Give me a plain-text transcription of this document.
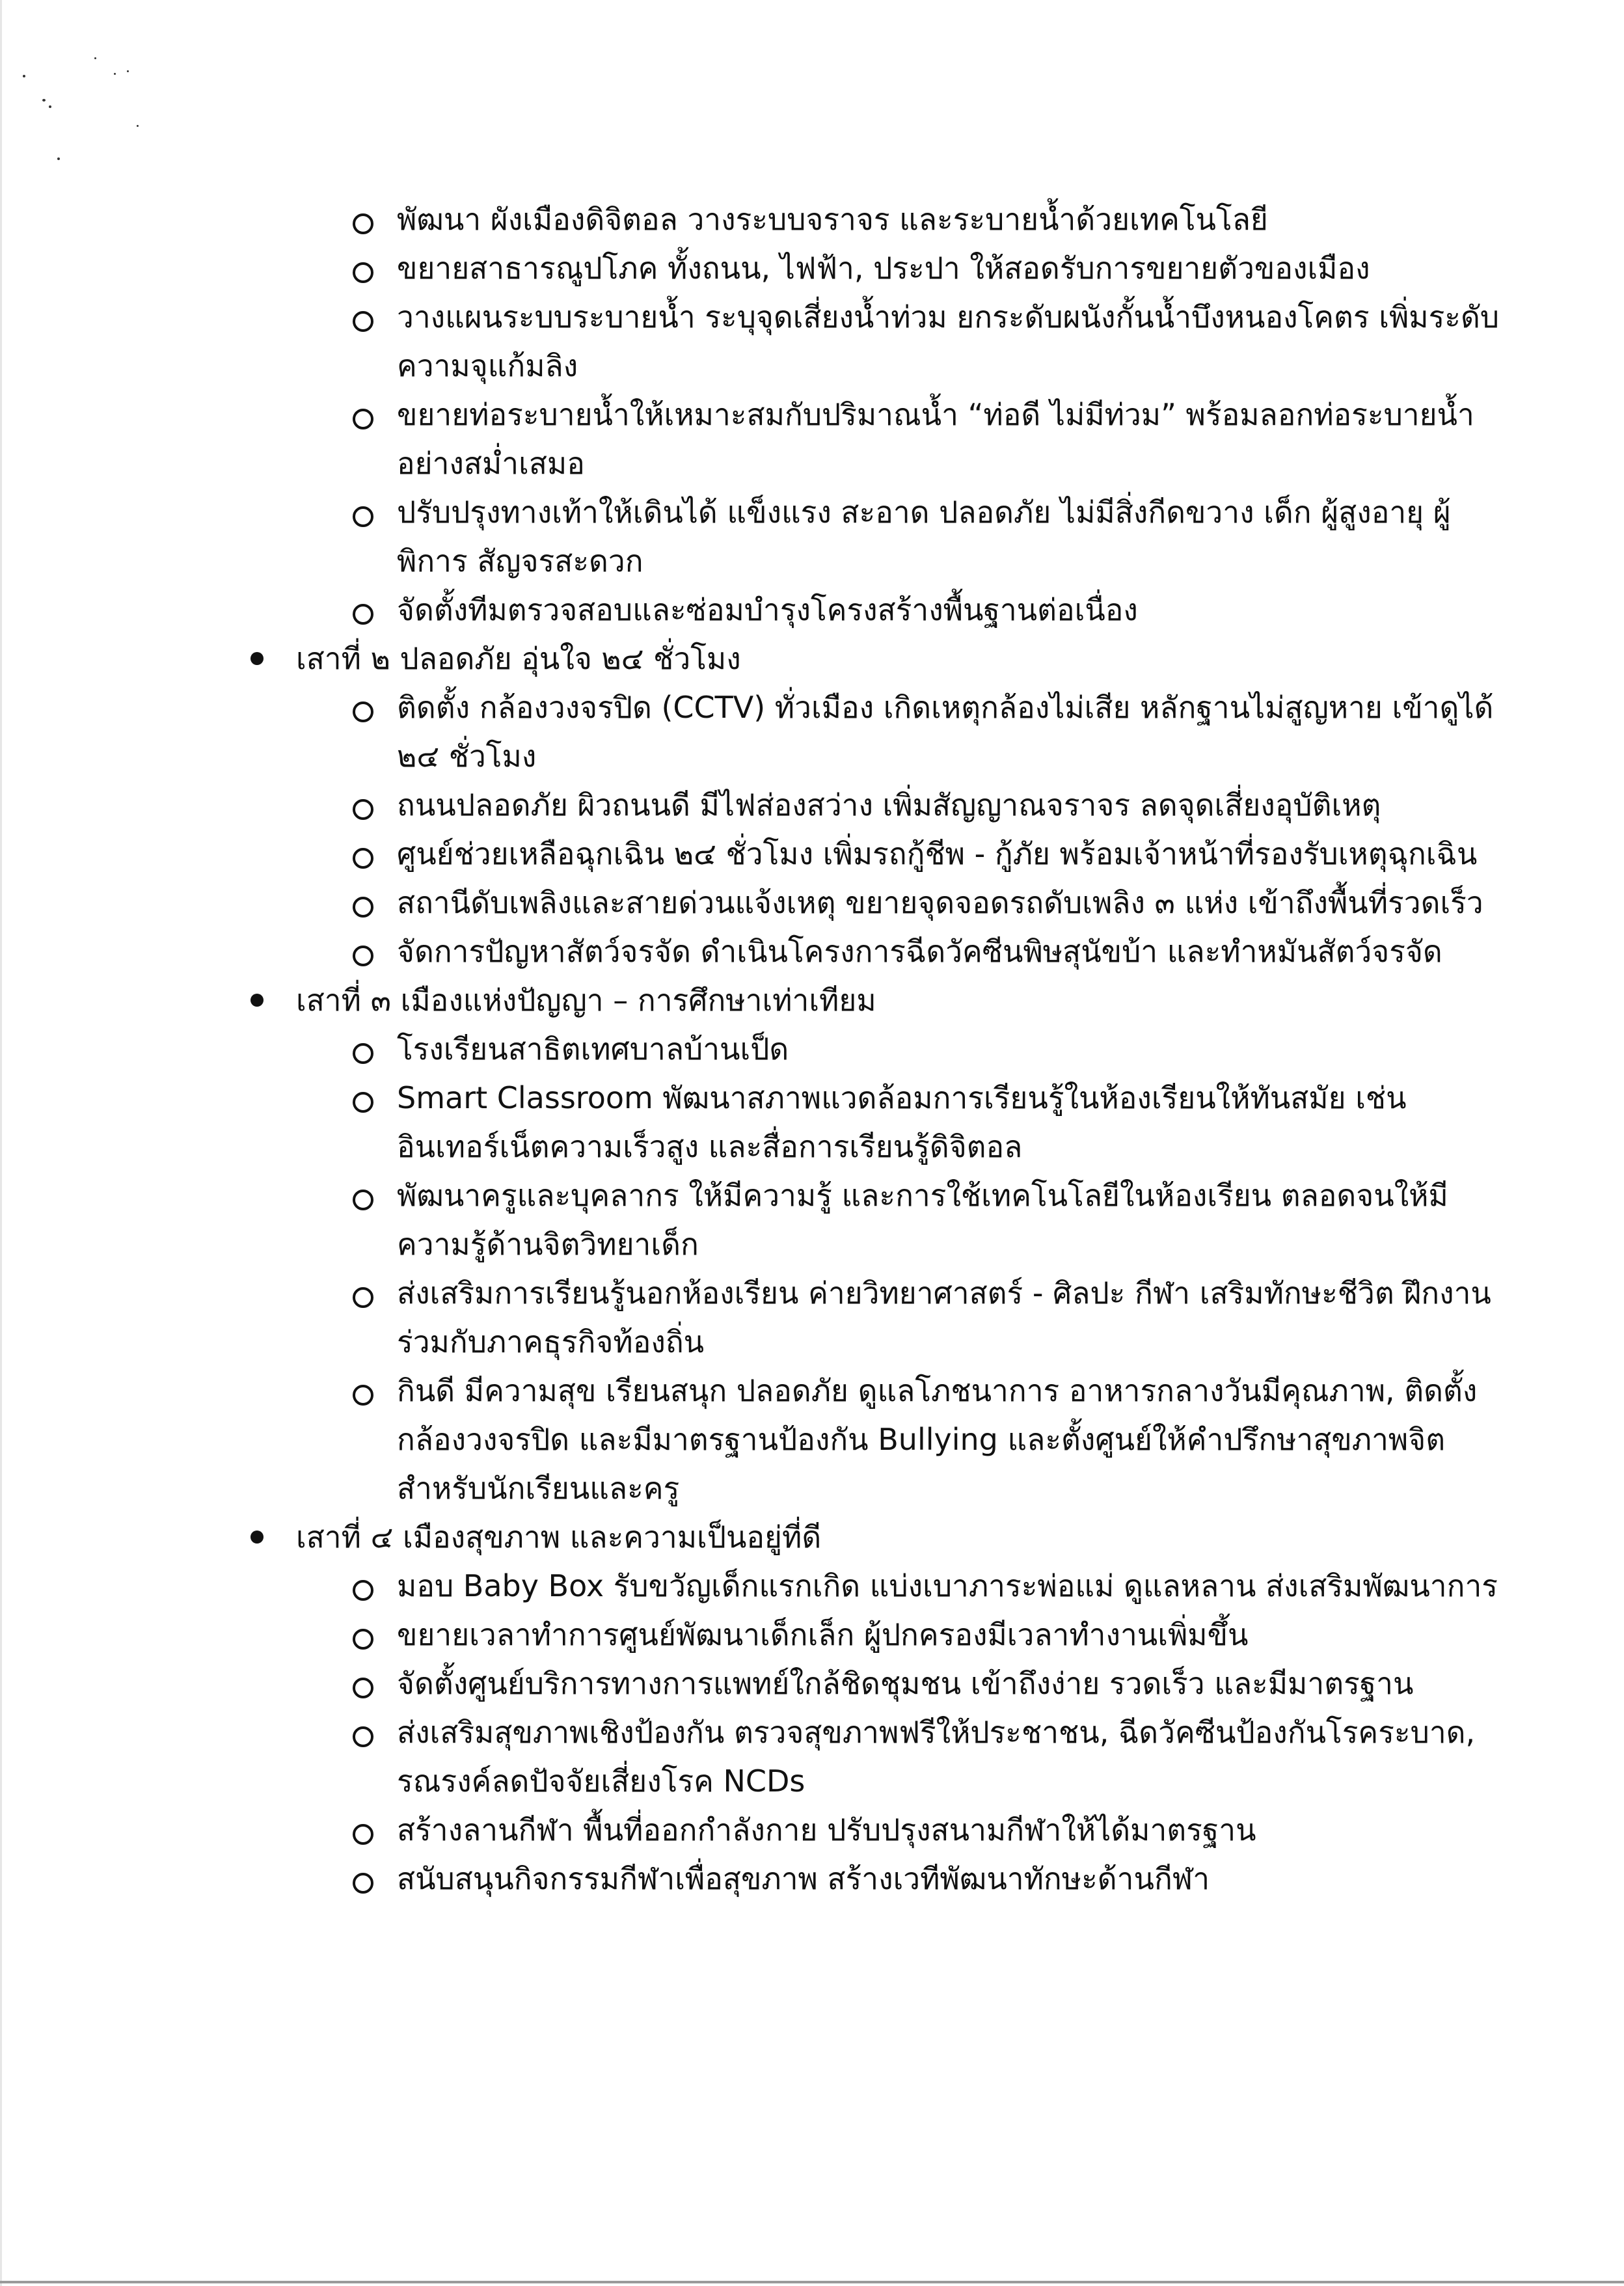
พัฒนา ผังเมืองดิจิตอล วางระบบจราจร และระบายน้ำด้วยเทคโนโลยี
ขยายสาธารณูปโภค ทั้งถนน, ไฟฟ้า, ประปา ให้สอดรับการขยายตัวของเมือง
วางแผนระบบระบายน้ำ ระบุจุดเสี่ยงน้ำท่วม ยกระดับผนังกั้นน้ำบึงหนองโคตร เพิ่มระดับความจุแก้มลิง
ขยายท่อระบายน้ำให้เหมาะสมกับปริมาณน้ำ “ท่อดี ไม่มีท่วม” พร้อมลอกท่อระบายน้ำอย่างสม่ำเสมอ
ปรับปรุงทางเท้าให้เดินได้ แข็งแรง สะอาด ปลอดภัย ไม่มีสิ่งกีดขวาง เด็ก ผู้สูงอายุ ผู้พิการ สัญจรสะดวก
จัดตั้งทีมตรวจสอบและซ่อมบำรุงโครงสร้างพื้นฐานต่อเนื่อง
เสาที่ ๒ ปลอดภัย อุ่นใจ ๒๔ ชั่วโมง
ติดตั้ง กล้องวงจรปิด (CCTV) ทั่วเมือง เกิดเหตุกล้องไม่เสีย หลักฐานไม่สูญหาย เข้าดูได้ ๒๔ ชั่วโมง
ถนนปลอดภัย ผิวถนนดี มีไฟส่องสว่าง เพิ่มสัญญาณจราจร ลดจุดเสี่ยงอุบัติเหตุ
ศูนย์ช่วยเหลือฉุกเฉิน ๒๔ ชั่วโมง เพิ่มรถกู้ชีพ - กู้ภัย พร้อมเจ้าหน้าที่รองรับเหตุฉุกเฉิน
สถานีดับเพลิงและสายด่วนแจ้งเหตุ ขยายจุดจอดรถดับเพลิง ๓ แห่ง เข้าถึงพื้นที่รวดเร็ว
จัดการปัญหาสัตว์จรจัด ดำเนินโครงการฉีดวัคซีนพิษสุนัขบ้า และทำหมันสัตว์จรจัด
เสาที่ ๓ เมืองแห่งปัญญา – การศึกษาเท่าเทียม
โรงเรียนสาธิตเทศบาลบ้านเป็ด
Smart Classroom พัฒนาสภาพแวดล้อมการเรียนรู้ในห้องเรียนให้ทันสมัย เช่น อินเทอร์เน็ตความเร็วสูง และสื่อการเรียนรู้ดิจิตอล
พัฒนาครูและบุคลากร ให้มีความรู้ และการใช้เทคโนโลยีในห้องเรียน ตลอดจนให้มีความรู้ด้านจิตวิทยาเด็ก
ส่งเสริมการเรียนรู้นอกห้องเรียน ค่ายวิทยาศาสตร์ - ศิลปะ กีฬา เสริมทักษะชีวิต ฝึกงานร่วมกับภาคธุรกิจท้องถิ่น
กินดี มีความสุข เรียนสนุก ปลอดภัย ดูแลโภชนาการ อาหารกลางวันมีคุณภาพ, ติดตั้งกล้องวงจรปิด และมีมาตรฐานป้องกัน Bullying และตั้งศูนย์ให้คำปรึกษาสุขภาพจิตสำหรับนักเรียนและครู
เสาที่ ๔ เมืองสุขภาพ และความเป็นอยู่ที่ดี
มอบ Baby Box รับขวัญเด็กแรกเกิด แบ่งเบาภาระพ่อแม่ ดูแลหลาน ส่งเสริมพัฒนาการ
ขยายเวลาทำการศูนย์พัฒนาเด็กเล็ก ผู้ปกครองมีเวลาทำงานเพิ่มขึ้น
จัดตั้งศูนย์บริการทางการแพทย์ใกล้ชิดชุมชน เข้าถึงง่าย รวดเร็ว และมีมาตรฐาน
ส่งเสริมสุขภาพเชิงป้องกัน ตรวจสุขภาพฟรีให้ประชาชน, ฉีดวัคซีนป้องกันโรคระบาด, รณรงค์ลดปัจจัยเสี่ยงโรค NCDs
สร้างลานกีฬา พื้นที่ออกกำลังกาย ปรับปรุงสนามกีฬาให้ได้มาตรฐาน
สนับสนุนกิจกรรมกีฬาเพื่อสุขภาพ สร้างเวทีพัฒนาทักษะด้านกีฬา
